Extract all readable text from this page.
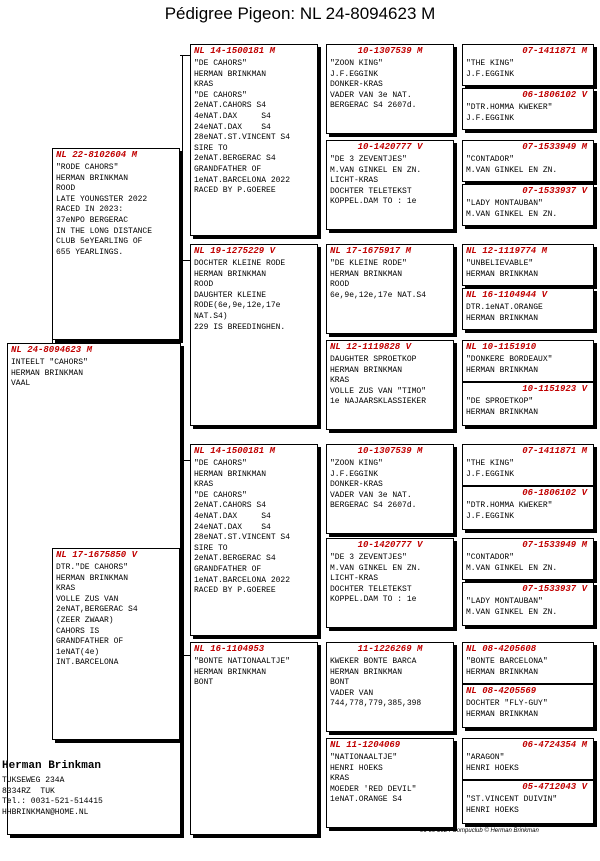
Pédigree Pigeon: NL 24-8094623 M
NL 24-8094623 M
INTEELT "CAHORS"
HERMAN BRINKMAN
VAAL
NL 22-8102604 M
"RODE CAHORS"
HERMAN BRINKMAN
ROOD
LATE YOUNGSTER 2022
RACED IN 2023:
37eNPO BERGERAC
IN THE LONG DISTANCE
CLUB 5eYEARLING OF
655 YEARLINGS.
NL 17-1675850 V
DTR."DE CAHORS"
HERMAN BRINKMAN
KRAS
VOLLE ZUS VAN
2eNAT,BERGERAC S4
(ZEER ZWAAR)
CAHORS IS
GRANDFATHER OF
1eNAT(4e)
INT.BARCELONA
NL 14-1500181 M
"DE CAHORS"
HERMAN BRINKMAN
KRAS
"DE CAHORS"
2eNAT.CAHORS S4
4eNAT.DAX     S4
24eNAT.DAX    S4
28eNAT.ST.VINCENT S4
SIRE TO
2eNAT.BERGERAC S4
GRANDFATHER OF
1eNAT.BARCELONA 2022
RACED BY P.GOEREE
NL 19-1275229 V
DOCHTER KLEINE RODE
HERMAN BRINKMAN
ROOD
DAUGHTER KLEINE
RODE(6e,9e,12e,17e
NAT.S4)
229 IS BREEDINGHEN.
NL 14-1500181 M
"DE CAHORS"
HERMAN BRINKMAN
KRAS
"DE CAHORS"
2eNAT.CAHORS S4
4eNAT.DAX     S4
24eNAT.DAX    S4
28eNAT.ST.VINCENT S4
SIRE TO
2eNAT.BERGERAC S4
GRANDFATHER OF
1eNAT.BARCELONA 2022
RACED BY P.GOEREE
NL 16-1104953
"BONTE NATIONAALTJE"
HERMAN BRINKMAN
BONT
10-1307539 M
"ZOON KING"
J.F.EGGINK
DONKER-KRAS
VADER VAN 3e NAT.
BERGERAC S4 2607d.
10-1420777 V
"DE 3 ZEVENTJES"
M.VAN GINKEL EN ZN.
LICHT-KRAS
DOCHTER TELETEKST
KOPPEL.DAM TO : 1e
NL 17-1675917 M
"DE KLEINE RODE"
HERMAN BRINKMAN
ROOD
6e,9e,12e,17e NAT.S4
NL 12-1119828 V
DAUGHTER SPROETKOP
HERMAN BRINKMAN
KRAS
VOLLE ZUS VAN "TIMO"
1e NAJAARSKLASSIEKER
10-1307539 M
"ZOON KING"
J.F.EGGINK
DONKER-KRAS
VADER VAN 3e NAT.
BERGERAC S4 2607d.
10-1420777 V
"DE 3 ZEVENTJES"
M.VAN GINKEL EN ZN.
LICHT-KRAS
DOCHTER TELETEKST
KOPPEL.DAM TO : 1e
11-1226269 M
KWEKER BONTE BARCA
HERMAN BRINKMAN
BONT
VADER VAN
744,778,779,385,398
NL 11-1204069
"NATIONAALTJE"
HENRI HOEKS
KRAS
MOEDER 'RED DEVIL"
1eNAT.ORANGE S4
07-1411871 M
"THE KING"
J.F.EGGINK
06-1806102 V
"DTR.HOMMA KWEKER"
J.F.EGGINK
07-1533949 M
"CONTADOR"
M.VAN GINKEL EN ZN.
07-1533937 V
"LADY MONTAUBAN"
M.VAN GINKEL EN ZN.
NL 12-1119774 M
"UNBELIEVABLE"
HERMAN BRINKMAN
NL 16-1104944 V
DTR.1eNAT.ORANGE
HERMAN BRINKMAN
NL 10-1151910
"DONKERE BORDEAUX"
HERMAN BRINKMAN
10-1151923 V
"DE SPROETKOP"
HERMAN BRINKMAN
07-1411871 M
"THE KING"
J.F.EGGINK
06-1806102 V
"DTR.HOMMA KWEKER"
J.F.EGGINK
07-1533949 M
"CONTADOR"
M.VAN GINKEL EN ZN.
07-1533937 V
"LADY MONTAUBAN"
M.VAN GINKEL EN ZN.
NL 08-4205608
"BONTE BARCELONA"
HERMAN BRINKMAN
NL 08-4205569
DOCHTER "FLY-GUY"
HERMAN BRINKMAN
06-4724354 M
"ARAGON"
HENRI HOEKS
05-4712043 V
"ST.VINCENT DUIVIN"
HENRI HOEKS
Herman Brinkman
TUKSEWEG 234A
8334RZ  TUK
Tel.: 0031-521-514415
HHBRINKMAN@HOME.NL
06-09-2024 Compuclub © Herman Brinkman
